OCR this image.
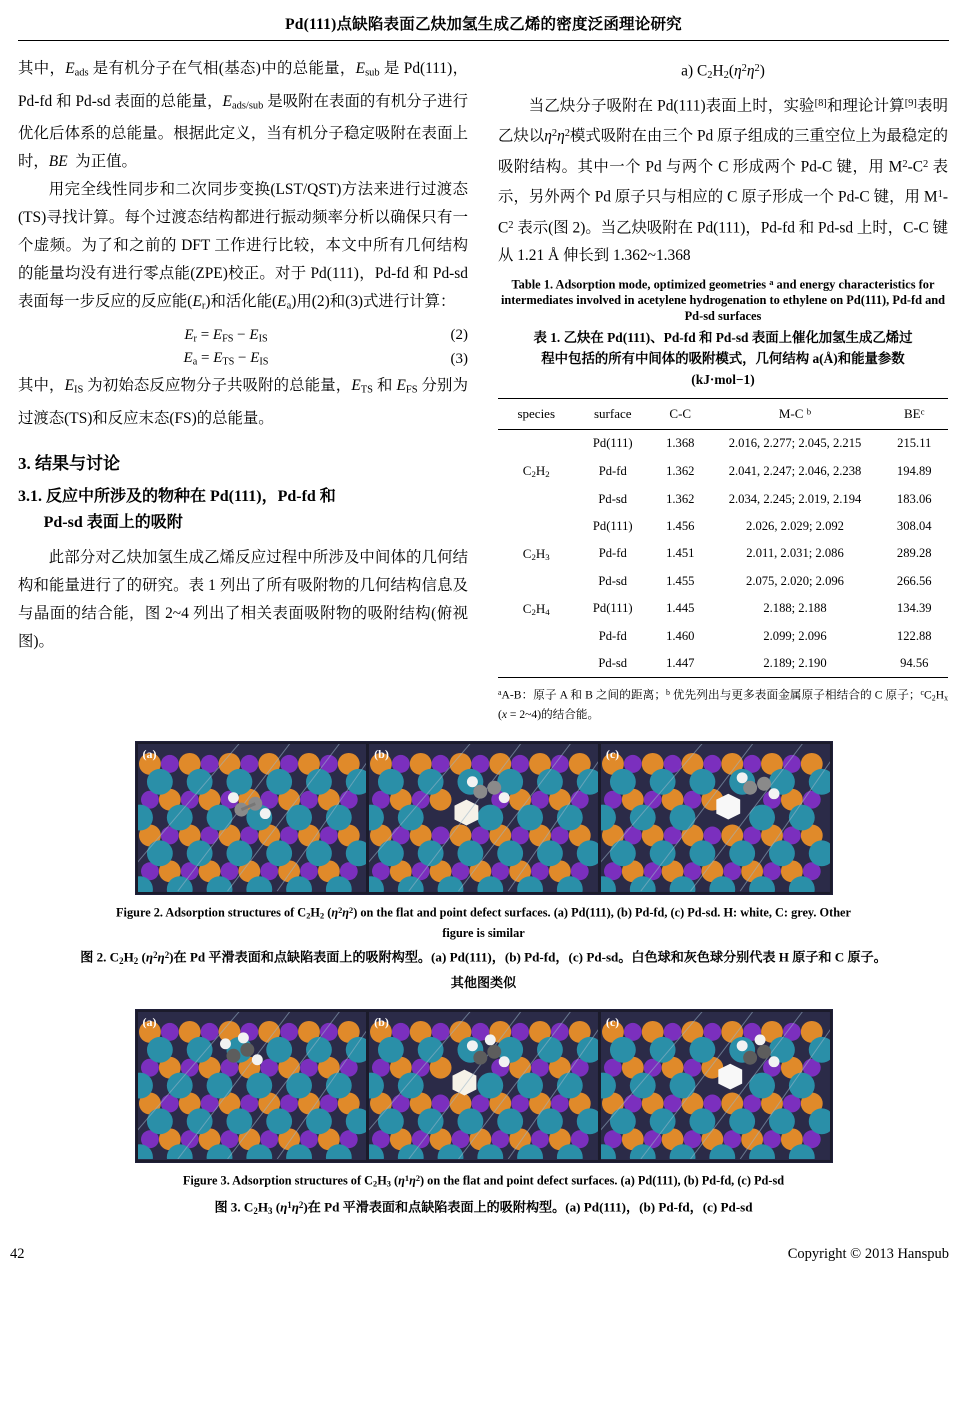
Pd(111)点缺陷表面乙炔加氢生成乙烯的密度泛函理论研究

其中，$E_{ads}$ 是有机分子在气相(基态)中的总能量，$E_{sub}$ 是 Pd(111)，Pd-fd 和 Pd-sd 表面的总能量，$E_{ads/sub}$ 是吸附在表面的有机分子进行优化后体系的总能量。根据此定义，当有机分子稳定吸附在表面上时，BE  为正值。

用完全线性同步和二次同步变换(LST/QST)方法来进行过渡态(TS)寻找计算。每个过渡态结构都进行振动频率分析以确保只有一个虚频。为了和之前的 DFT 工作进行比较，本文中所有几何结构的能量均没有进行零点能(ZPE)校正。对于 Pd(111)，Pd-fd 和 Pd-sd 表面每一步反应的反应能$(E_r)$和活化能$(E_a)$用(2)和(3)式进行计算：

$E_r = E_{FS} - E_{IS}$	(2)
$E_a = E_{TS} - E_{IS}$	(3)

其中，$E_{IS}$ 为初始态反应物分子共吸附的总能量，$E_{TS}$ 和 $E_{FS}$ 分别为过渡态(TS)和反应末态(FS)的总能量。

3. 结果与讨论
3.1. 反应中所涉及的物种在 Pd(111)，Pd-fd 和
Pd-sd 表面上的吸附

此部分对乙炔加氢生成乙烯反应过程中所涉及中间体的几何结构和能量进行了的研究。表 1 列出了所有吸附物的几何结构信息及与晶面的结合能，图 2~4 列出了相关表面吸附物的吸附结构(俯视图)。

a) $C_2H_2(\eta^2\eta^2)$

当乙炔分子吸附在 Pd(111)表面上时，实验[8]和理论计算[9]表明乙炔以$\eta^2\eta^2$模式吸附在由三个 Pd 原子组成的三重空位上为最稳定的吸附结构。其中一个 Pd 与两个 C 形成两个 Pd-C 键，用 $M^2-C^2$ 表示，另外两个 Pd 原子只与相应的 C 原子形成一个 Pd-C 键，用 $M^1-C^2$ 表示(图 2)。当乙炔吸附在 Pd(111)，Pd-fd 和 Pd-sd 上时，C-C 键从 1.21 Å 伸长到 1.362~1.368

Table 1. Adsorption mode, optimized geometries $^a$ and energy characteristics for intermediates involved in acetylene hydrogenation to ethylene on Pd(111), Pd-fd and Pd-sd surfaces
表 1. 乙炔在 Pd(111)、Pd-fd 和 Pd-sd 表面上催化加氢生成乙烯过
程中包括的所有中间体的吸附模式，几何结构 a(Å)和能量参数
(kJ·mol−1)
species	surface	C-C	M-C $^b$	$BE^c$
	Pd(111)	1.368	2.016, 2.277; 2.045, 2.215	215.11
$C_2H_2$	Pd-fd	1.362	2.041, 2.247; 2.046, 2.238	194.89
	Pd-sd	1.362	2.034, 2.245; 2.019, 2.194	183.06
	Pd(111)	1.456	2.026, 2.029; 2.092	308.04
$C_2H_3$	Pd-fd	1.451	2.011, 2.031; 2.086	289.28
	Pd-sd	1.455	2.075, 2.020; 2.096	266.56
$C_2H_4$	Pd(111)	1.445	2.188; 2.188	134.39
	Pd-fd	1.460	2.099; 2.096	122.88
	Pd-sd	1.447	2.189; 2.190	94.56
$^a$A-B：原子 A 和 B 之间的距离；$^b$ 优先列出与更多表面金属原子相结合的 C 原子；$^cC_2H_x$ (x = 2~4)的结合能。
(a)	(b)	(c)
Figure 2. Adsorption structures of $C_2H_2$ $(\eta^2\eta^2)$ on the flat and point defect surfaces. (a) Pd(111), (b) Pd-fd, (c) Pd-sd. H: white, C: grey. Other
figure is similar
图 2. $C_2H_2$ $(\eta^2\eta^2)$在 Pd 平滑表面和点缺陷表面上的吸附构型。(a) Pd(111)，(b) Pd-fd，(c) Pd-sd。白色球和灰色球分别代表 H 原子和 C 原子。
其他图类似
(a)	(b)	(c)
Figure 3. Adsorption structures of $C_2H_3$ $(\eta^1\eta^2)$ on the flat and point defect surfaces. (a) Pd(111), (b) Pd-fd, (c) Pd-sd
图 3. $C_2H_3$ $(\eta^1\eta^2)$在 Pd 平滑表面和点缺陷表面上的吸附构型。(a) Pd(111)，(b) Pd-fd，(c) Pd-sd
42	Copyright © 2013 Hanspub
